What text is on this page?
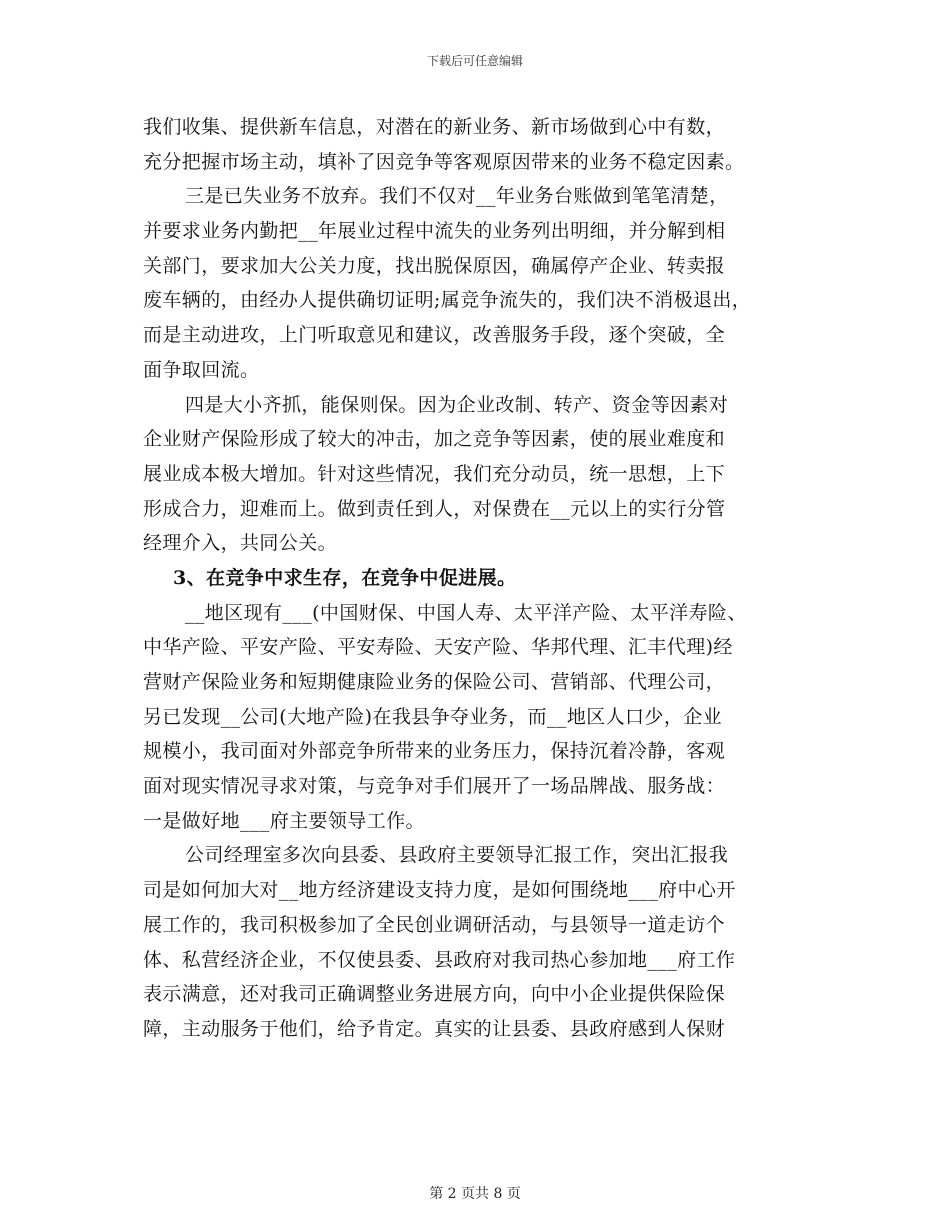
下载后可任意编辑
我们收集、提供新车信息，对潜在的新业务、新市场做到心中有数，
充分把握市场主动，填补了因竞争等客观原因带来的业务不稳定因素。
三是已失业务不放弃。我们不仅对__年业务台账做到笔笔清楚，
并要求业务内勤把__年展业过程中流失的业务列出明细，并分解到相
关部门，要求加大公关力度，找出脱保原因，确属停产企业、转卖报
废车辆的，由经办人提供确切证明;属竞争流失的，我们决不消极退出，
而是主动进攻，上门听取意见和建议，改善服务手段，逐个突破，全
面争取回流。
四是大小齐抓，能保则保。因为企业改制、转产、资金等因素对
企业财产保险形成了较大的冲击，加之竞争等因素，使的展业难度和
展业成本极大增加。针对这些情况，我们充分动员，统一思想，上下
形成合力，迎难而上。做到责任到人，对保费在__元以上的实行分管
经理介入，共同公关。
3、在竞争中求生存，在竞争中促进展。
__地区现有___(中国财保、中国人寿、太平洋产险、太平洋寿险、
中华产险、平安产险、平安寿险、天安产险、华邦代理、汇丰代理)经
营财产保险业务和短期健康险业务的保险公司、营销部、代理公司，
另已发现__公司(大地产险)在我县争夺业务，而__地区人口少，企业
规模小，我司面对外部竞争所带来的业务压力，保持沉着冷静，客观
面对现实情况寻求对策，与竞争对手们展开了一场品牌战、服务战：
一是做好地___府主要领导工作。
公司经理室多次向县委、县政府主要领导汇报工作，突出汇报我
司是如何加大对__地方经济建设支持力度，是如何围绕地___府中心开
展工作的，我司积极参加了全民创业调研活动，与县领导一道走访个
体、私营经济企业，不仅使县委、县政府对我司热心参加地___府工作
表示满意，还对我司正确调整业务进展方向，向中小企业提供保险保
障，主动服务于他们，给予肯定。真实的让县委、县政府感到人保财
第 2 页共 8 页
